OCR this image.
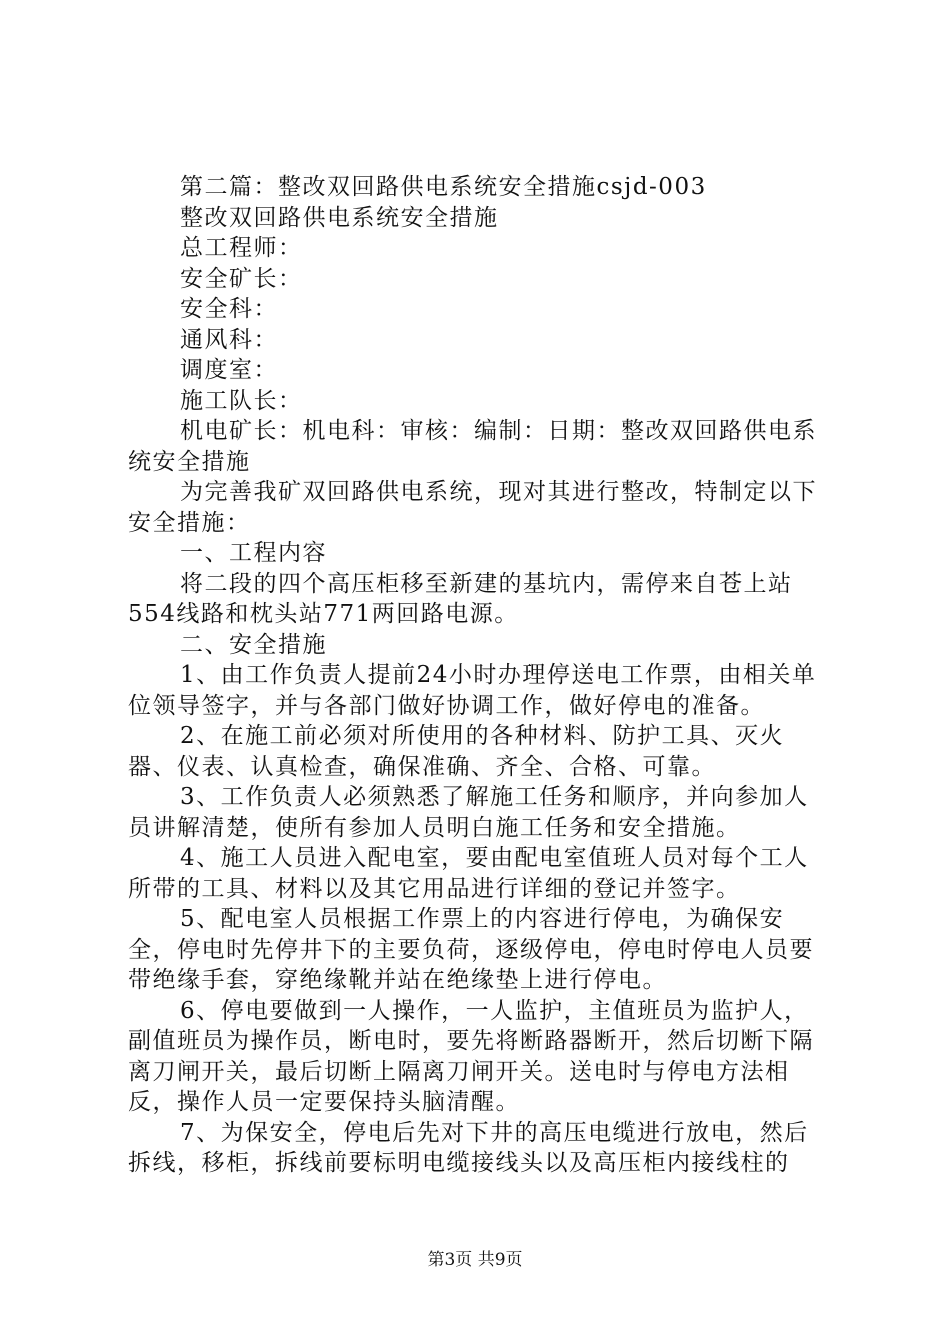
第二篇：整改双回路供电系统安全措施csjd-003

整改双回路供电系统安全措施

总工程师：

安全矿长：

安全科：

通风科：

调度室：

施工队长：

机电矿长：机电科：审核：编制：日期：整改双回路供电系统安全措施

为完善我矿双回路供电系统，现对其进行整改，特制定以下安全措施：

一、工程内容

将二段的四个高压柜移至新建的基坑内，需停来自苍上站554线路和枕头站771两回路电源。

二、安全措施

1、由工作负责人提前24小时办理停送电工作票，由相关单位领导签字，并与各部门做好协调工作，做好停电的准备。

2、在施工前必须对所使用的各种材料、防护工具、灭火器、仪表、认真检查，确保准确、齐全、合格、可靠。

3、工作负责人必须熟悉了解施工任务和顺序，并向参加人员讲解清楚，使所有参加人员明白施工任务和安全措施。

4、施工人员进入配电室，要由配电室值班人员对每个工人所带的工具、材料以及其它用品进行详细的登记并签字。

5、配电室人员根据工作票上的内容进行停电，为确保安全，停电时先停井下的主要负荷，逐级停电，停电时停电人员要带绝缘手套，穿绝缘靴并站在绝缘垫上进行停电。

6、停电要做到一人操作，一人监护，主值班员为监护人，副值班员为操作员，断电时，要先将断路器断开，然后切断下隔离刀闸开关，最后切断上隔离刀闸开关。送电时与停电方法相反，操作人员一定要保持头脑清醒。

7、为保安全，停电后先对下井的高压电缆进行放电，然后拆线，移柜，拆线前要标明电缆接线头以及高压柜内接线柱的

第3页 共9页
